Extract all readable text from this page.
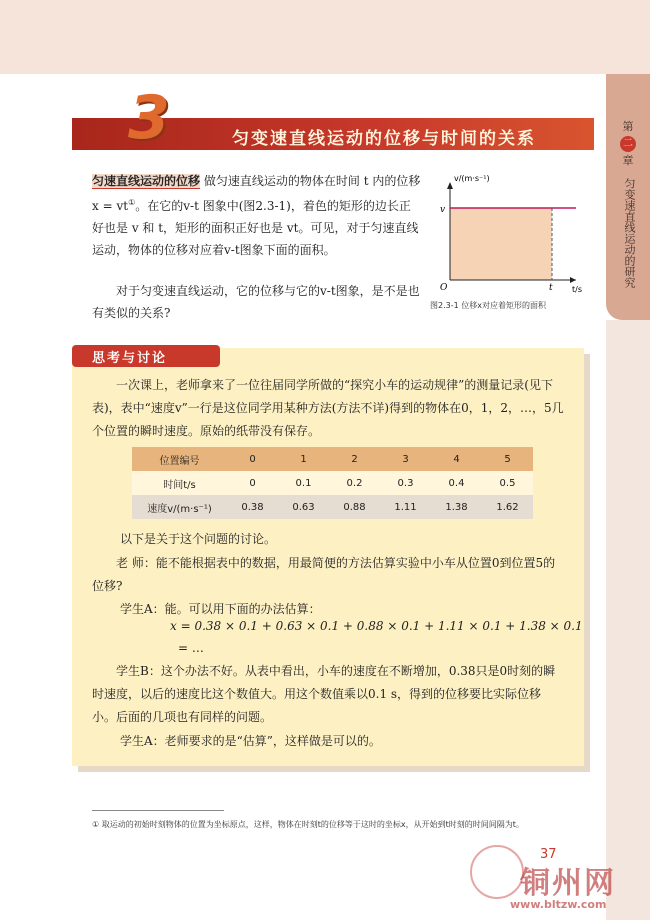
第
二
章
匀变速直线运动的研究
3	匀变速直线运动的位移与时间的关系
匀速直线运动的位移 做匀速直线运动的物体在时间 t 内的位移 x = vt①。在它的v-t 图象中(图2.3-1)，着色的矩形的边长正好也是 v 和 t，矩形的面积正好也是 vt。可见，对于匀速直线运动，物体的位移对应着v-t图象下面的面积。
对于匀变速直线运动，它的位移与它的v-t图象，是不是也有类似的关系?
v/(m·s⁻¹)
v
O	t t/s
图2.3-1 位移x对应着矩形的面积
思考与讨论
一次课上，老师拿来了一位往届同学所做的“探究小车的运动规律”的测量记录(见下表)，表中“速度v”一行是这位同学用某种方法(方法不详)得到的物体在0，1，2，…，5几个位置的瞬时速度。原始的纸带没有保存。
位置编号	0	1	2	3	4	5
时间t/s	0	0.1	0.2	0.3	0.4	0.5
速度v/(m·s⁻¹)	0.38	0.63	0.88	1.11	1.38	1.62
以下是关于这个问题的讨论。
老 师：能不能根据表中的数据，用最简便的方法估算实验中小车从位置0到位置5的位移?
学生A：能。可以用下面的办法估算：
x = 0.38 × 0.1 + 0.63 × 0.1 + 0.88 × 0.1 + 1.11 × 0.1 + 1.38 × 0.1
= …
学生B：这个办法不好。从表中看出，小车的速度在不断增加，0.38只是0时刻的瞬时速度，以后的速度比这个数值大。用这个数值乘以0.1 s，得到的位移要比实际位移小。后面的几项也有同样的问题。
学生A：老师要求的是“估算”，这样做是可以的。
① 取运动的初始时刻物体的位置为坐标原点，这样，物体在时刻t的位移等于这时的坐标x，从开始到t时刻的时间间隔为t。
37
铜州网
www.bltzw.com
